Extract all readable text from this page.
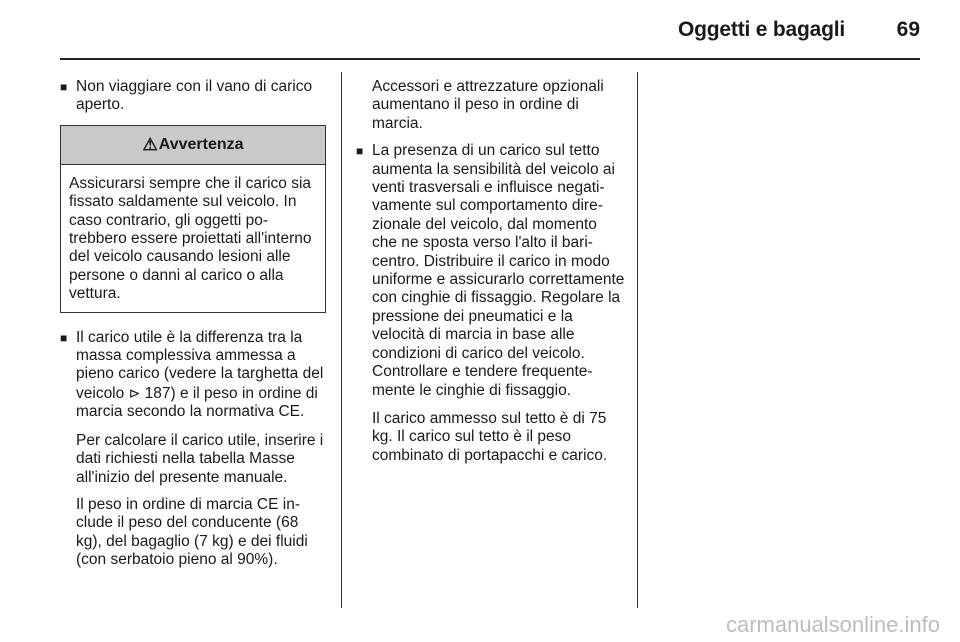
Oggetti e bagagli	69
■ Non viaggiare con il vano di carico aperto.
⚠ Avvertenza
Assicurarsi sempre che il carico sia fissato saldamente sul veicolo. In caso contrario, gli oggetti potrebbero essere proiettati all'interno del veicolo causando lesioni alle persone o danni al carico o alla vettura.
■ Il carico utile è la differenza tra la massa complessiva ammessa a pieno carico (vedere la targhetta del veicolo ⊳ 187) e il peso in ordine di marcia secondo la normativa CE.
Per calcolare il carico utile, inserire i dati richiesti nella tabella Masse all'inizio del presente manuale.
Il peso in ordine di marcia CE include il peso del conducente (68 kg), del bagaglio (7 kg) e dei fluidi (con serbatoio pieno al 90%).
Accessori e attrezzature opzionali aumentano il peso in ordine di marcia.
■ La presenza di un carico sul tetto aumenta la sensibilità del veicolo ai venti trasversali e influisce negativamente sul comportamento direzionale del veicolo, dal momento che ne sposta verso l'alto il baricentro. Distribuire il carico in modo uniforme e assicurarlo correttamente con cinghie di fissaggio. Regolare la pressione dei pneumatici e la velocità di marcia in base alle condizioni di carico del veicolo. Controllare e tendere frequentemente le cinghie di fissaggio.
Il carico ammesso sul tetto è di 75 kg. Il carico sul tetto è il peso combinato di portapacchi e carico.
carmanualsonline.info
